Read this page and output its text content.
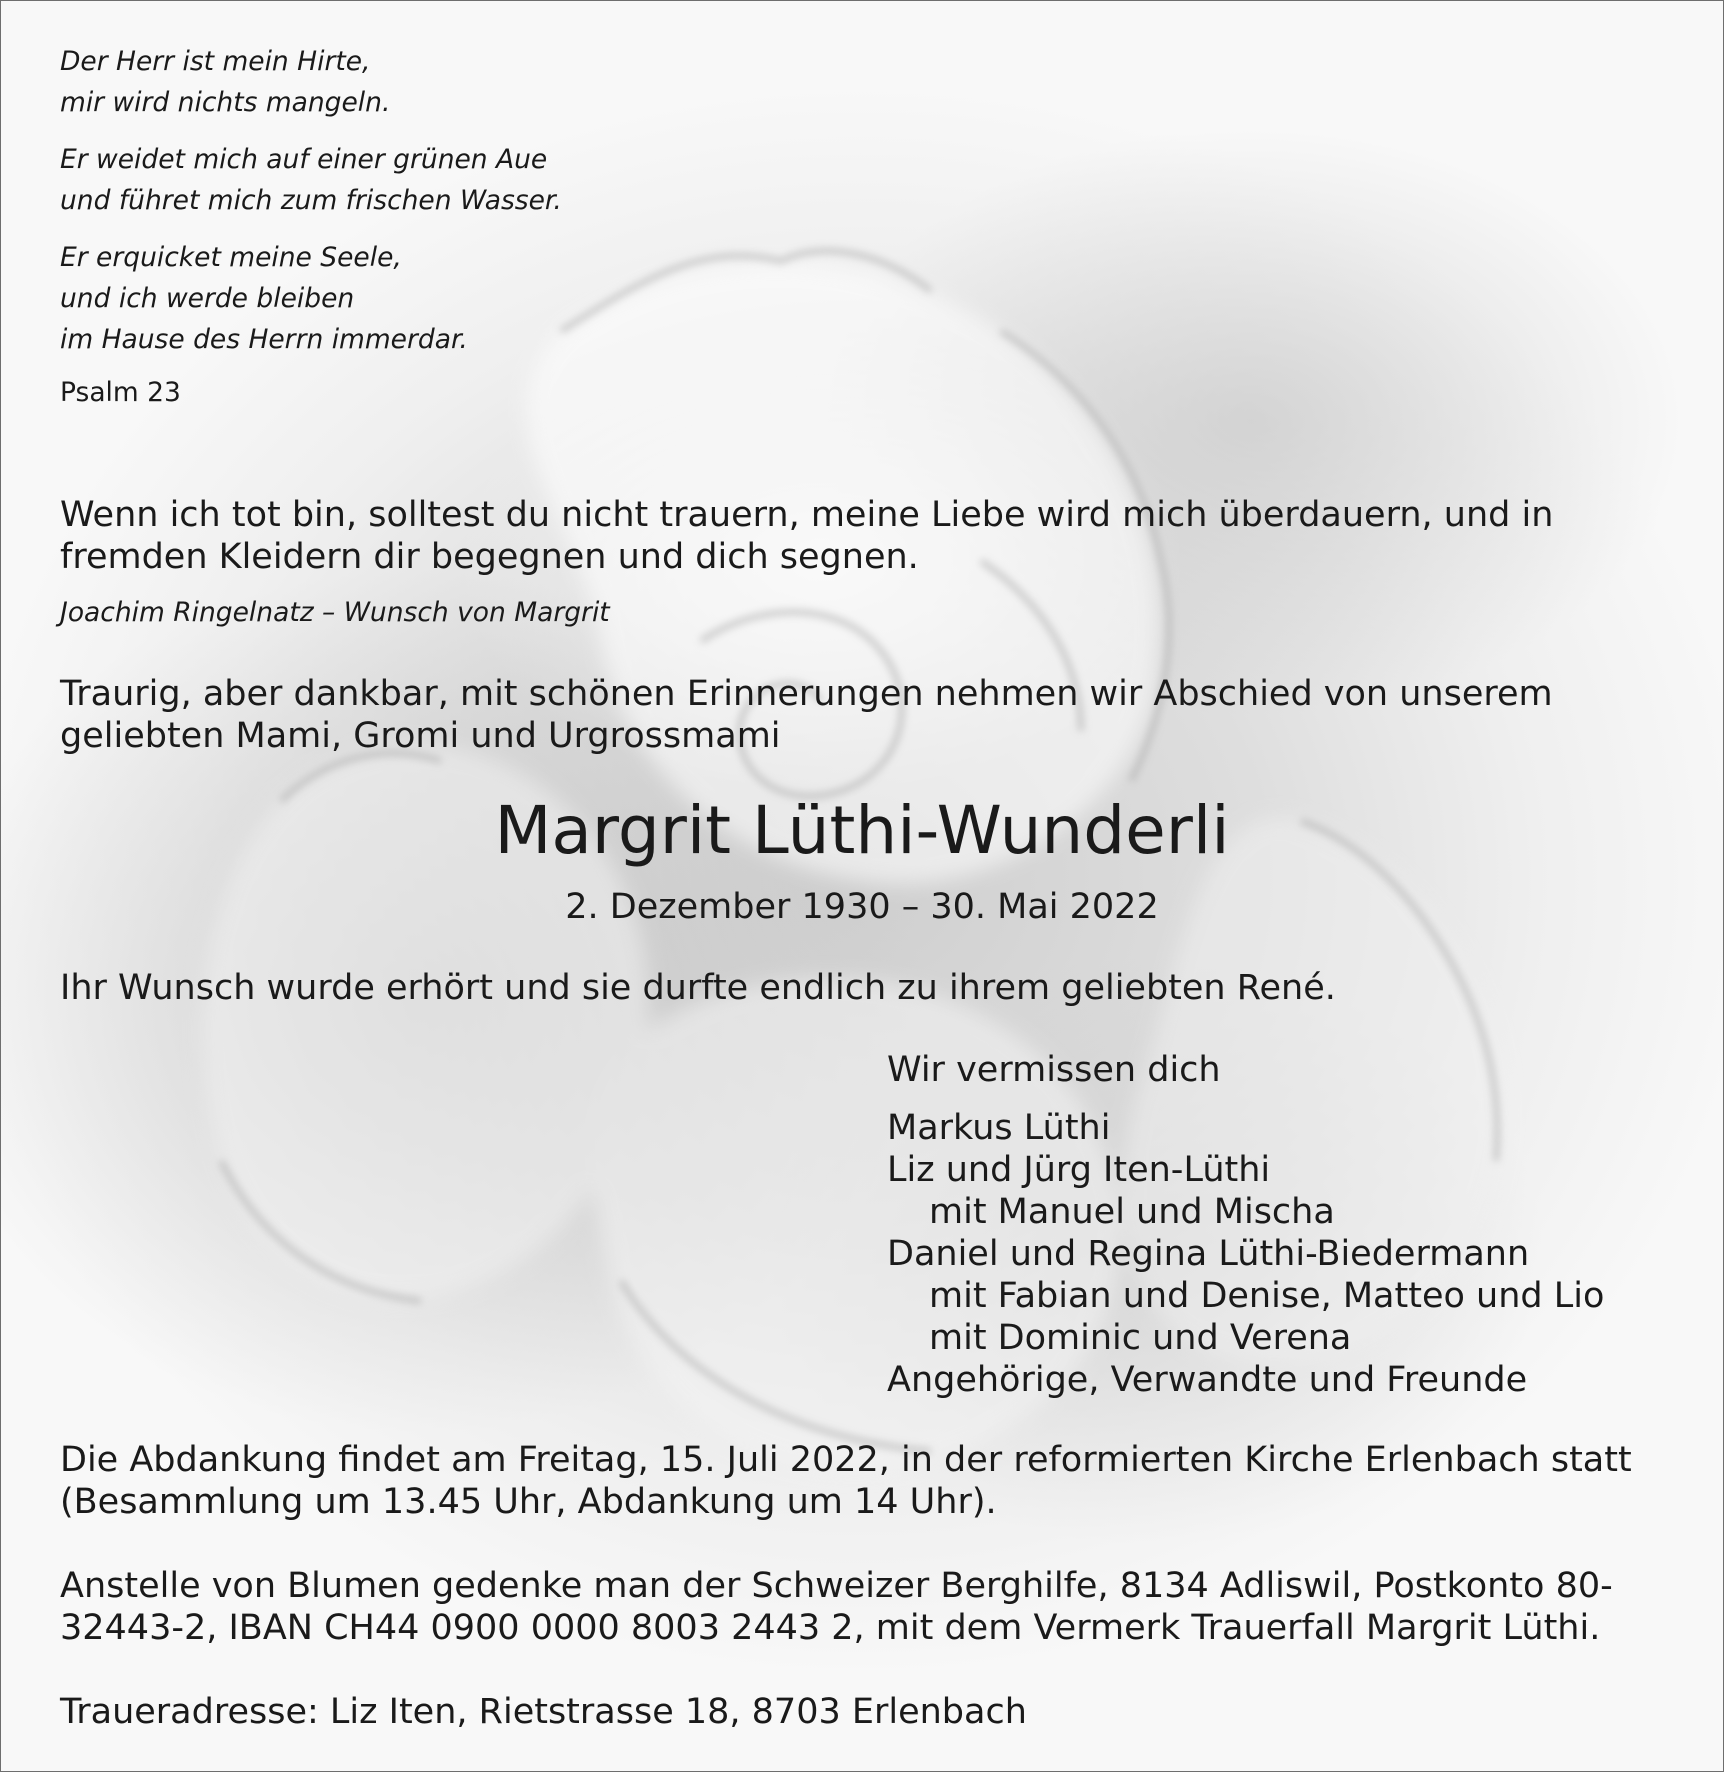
Der Herr ist mein Hirte,
mir wird nichts mangeln.
Er weidet mich auf einer grünen Aue
und führet mich zum frischen Wasser.
Er erquicket meine Seele,
und ich werde bleiben
im Hause des Herrn immerdar.
Psalm 23
Wenn ich tot bin, solltest du nicht trauern, meine Liebe wird mich überdauern, und in
fremden Kleidern dir begegnen und dich segnen.
Joachim Ringelnatz – Wunsch von Margrit
Traurig, aber dankbar, mit schönen Erinnerungen nehmen wir Abschied von unserem
geliebten Mami, Gromi und Urgrossmami
Margrit Lüthi-Wunderli
2. Dezember 1930 – 30. Mai 2022
Ihr Wunsch wurde erhört und sie durfte endlich zu ihrem geliebten René.
Wir vermissen dich
Markus Lüthi
Liz und Jürg Iten-Lüthi
mit Manuel und Mischa
Daniel und Regina Lüthi-Biedermann
mit Fabian und Denise, Matteo und Lio
mit Dominic und Verena
Angehörige, Verwandte und Freunde
Die Abdankung findet am Freitag, 15. Juli 2022, in der reformierten Kirche Erlenbach statt
(Besammlung um 13.45 Uhr, Abdankung um 14 Uhr).
Anstelle von Blumen gedenke man der Schweizer Berghilfe, 8134 Adliswil, Postkonto 80-
32443-2, IBAN CH44 0900 0000 8003 2443 2, mit dem Vermerk Trauerfall Margrit Lüthi.
Traueradresse: Liz Iten, Rietstrasse 18, 8703 Erlenbach
